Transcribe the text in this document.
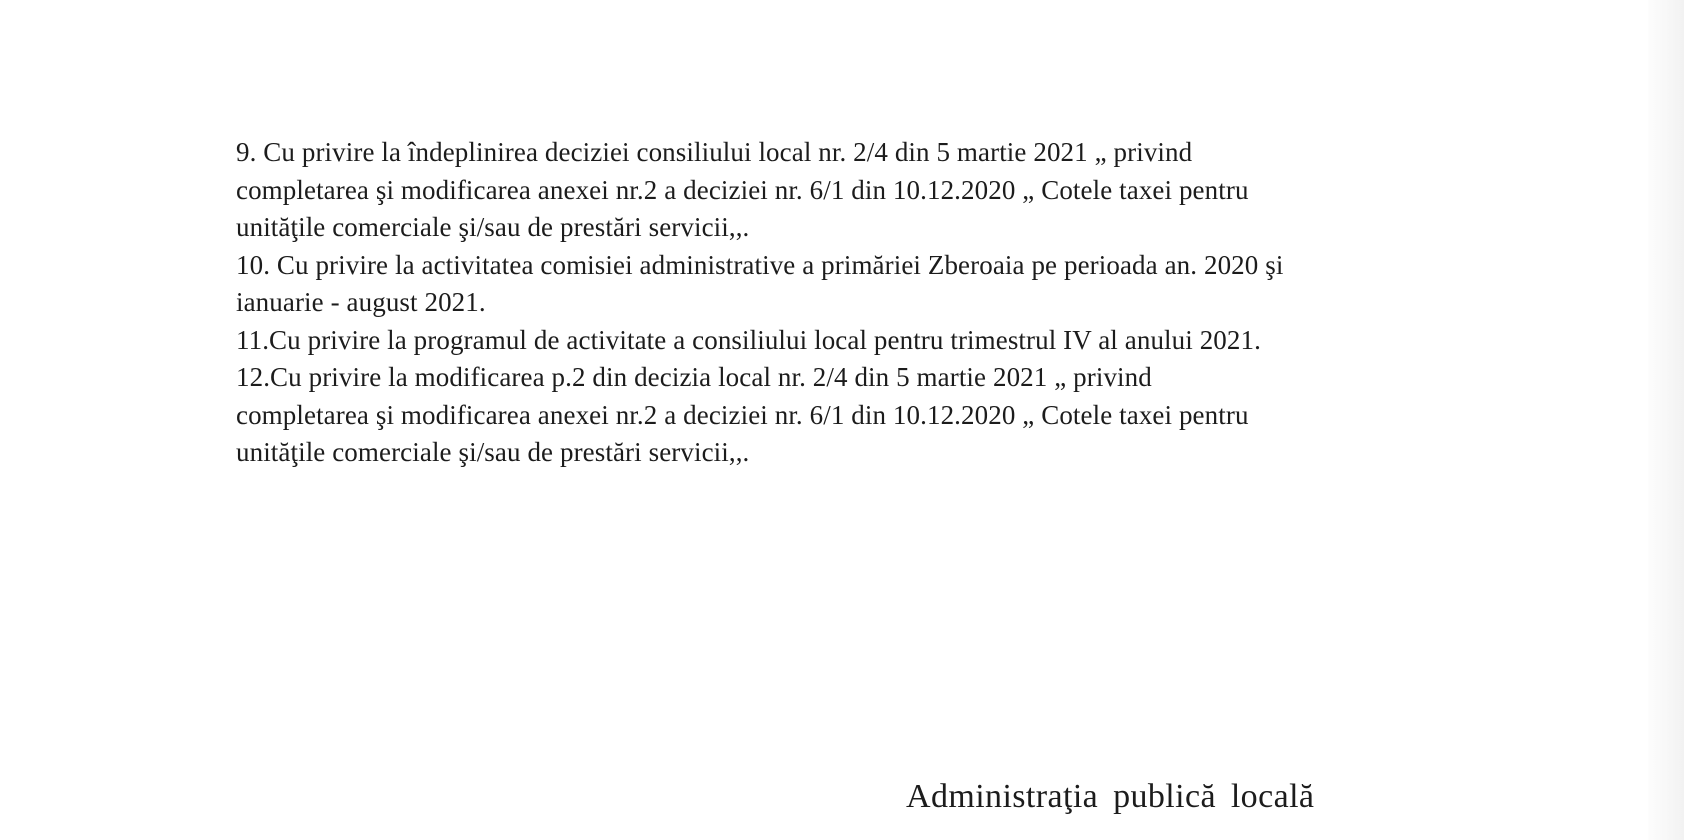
9. Cu privire la îndeplinirea deciziei consiliului local nr. 2/4 din 5 martie 2021 „ privind
completarea şi modificarea anexei nr.2 a deciziei nr. 6/1 din 10.12.2020 „ Cotele taxei pentru
unităţile comerciale şi/sau de prestări servicii,,.
10. Cu privire la activitatea comisiei administrative a primăriei Zberoaia pe perioada an. 2020 şi
ianuarie - august 2021.
11.Cu privire la programul de activitate a consiliului local pentru trimestrul IV al anului 2021.
12.Cu privire la modificarea p.2 din decizia local nr. 2/4 din 5 martie 2021 „ privind
completarea şi modificarea anexei nr.2 a deciziei nr. 6/1 din 10.12.2020 „ Cotele taxei pentru
unităţile comerciale şi/sau de prestări servicii,,.
Administraţia publică locală
